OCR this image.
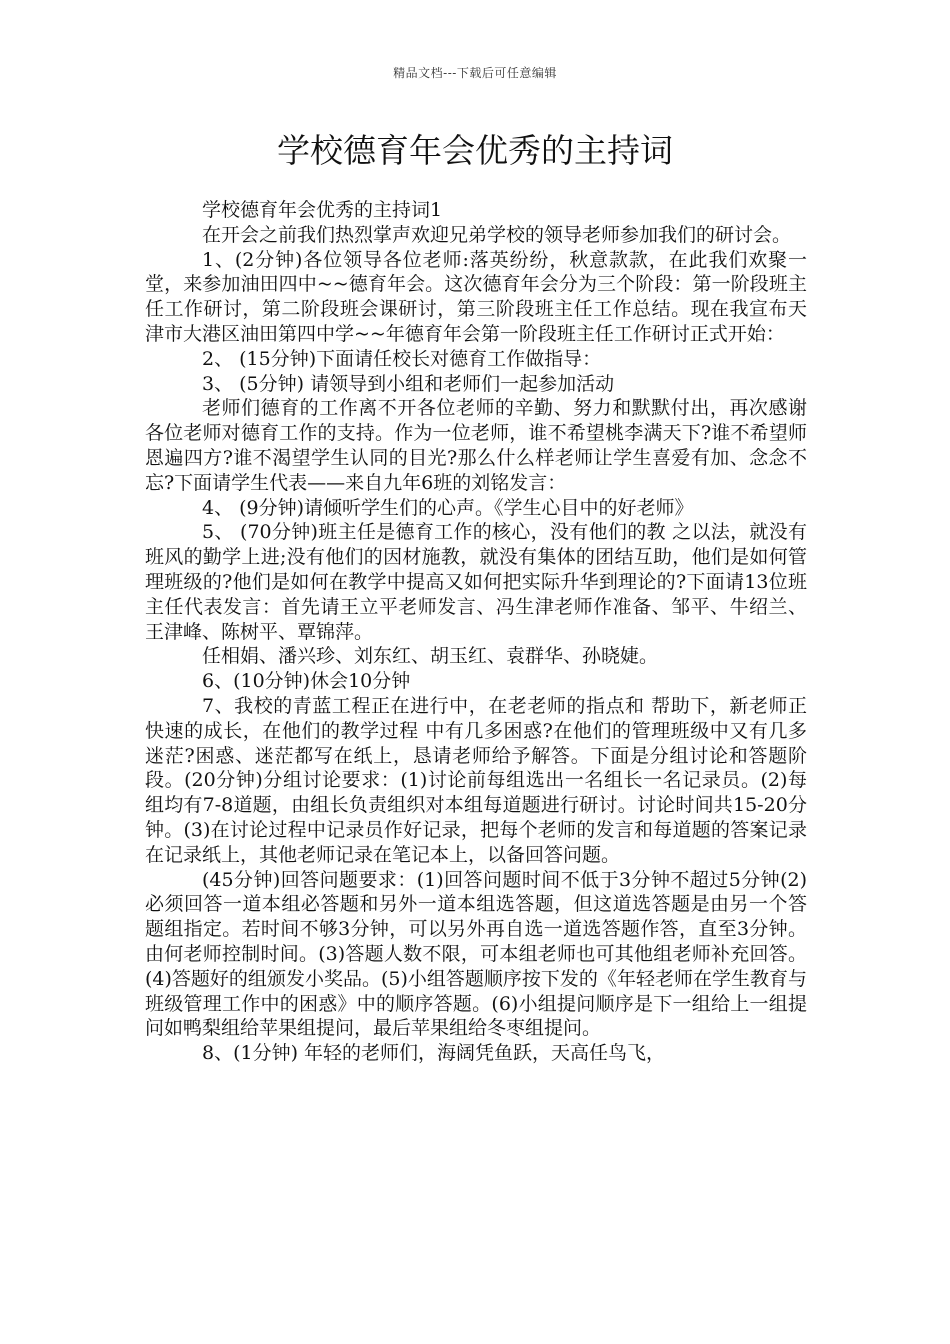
精品文档---下载后可任意编辑
学校德育年会优秀的主持词

学校德育年会优秀的主持词1

在开会之前我们热烈掌声欢迎兄弟学校的领导老师参加我们的研讨会。

1、(2分钟)各位领导各位老师:落英纷纷，秋意款款，在此我们欢聚一堂，来参加油田四中~~德育年会。这次德育年会分为三个阶段：第一阶段班主任工作研讨，第二阶段班会课研讨，第三阶段班主任工作总结。现在我宣布天津市大港区油田第四中学~~年德育年会第一阶段班主任工作研讨正式开始：

2、 (15分钟)下面请任校长对德育工作做指导：

3、 (5分钟) 请领导到小组和老师们一起参加活动

老师们德育的工作离不开各位老师的辛勤、努力和默默付出，再次感谢各位老师对德育工作的支持。作为一位老师，谁不希望桃李满天下?谁不希望师恩遍四方?谁不渴望学生认同的目光?那么什么样老师让学生喜爱有加、念念不忘?下面请学生代表——来自九年6班的刘铭发言：

4、 (9分钟)请倾听学生们的心声。《学生心目中的好老师》

5、 (70分钟)班主任是德育工作的核心，没有他们的教 之以法，就没有班风的勤学上进;没有他们的因材施教，就没有集体的团结互助，他们是如何管理班级的?他们是如何在教学中提高又如何把实际升华到理论的?下面请13位班主任代表发言：首先请王立平老师发言、冯生津老师作准备、邹平、牛绍兰、王津峰、陈树平、覃锦萍。

任相娟、潘兴珍、刘东红、胡玉红、袁群华、孙晓婕。

6、(10分钟)休会10分钟

7、我校的青蓝工程正在进行中，在老老师的指点和 帮助下，新老师正快速的成长，在他们的教学过程 中有几多困惑?在他们的管理班级中又有几多迷茫?困惑、迷茫都写在纸上，恳请老师给予解答。下面是分组讨论和答题阶段。(20分钟)分组讨论要求：(1)讨论前每组选出一名组长一名记录员。(2)每组均有7-8道题，由组长负责组织对本组每道题进行研讨。讨论时间共15-20分钟。(3)在讨论过程中记录员作好记录，把每个老师的发言和每道题的答案记录在记录纸上，其他老师记录在笔记本上，以备回答问题。

(45分钟)回答问题要求：(1)回答问题时间不低于3分钟不超过5分钟(2)必须回答一道本组必答题和另外一道本组选答题，但这道选答题是由另一个答题组指定。若时间不够3分钟，可以另外再自选一道选答题作答，直至3分钟。由何老师控制时间。(3)答题人数不限，可本组老师也可其他组老师补充回答。(4)答题好的组颁发小奖品。(5)小组答题顺序按下发的《年轻老师在学生教育与班级管理工作中的困惑》中的顺序答题。(6)小组提问顺序是下一组给上一组提问如鸭梨组给苹果组提问，最后苹果组给冬枣组提问。

8、(1分钟) 年轻的老师们，海阔凭鱼跃，天高任鸟飞，
